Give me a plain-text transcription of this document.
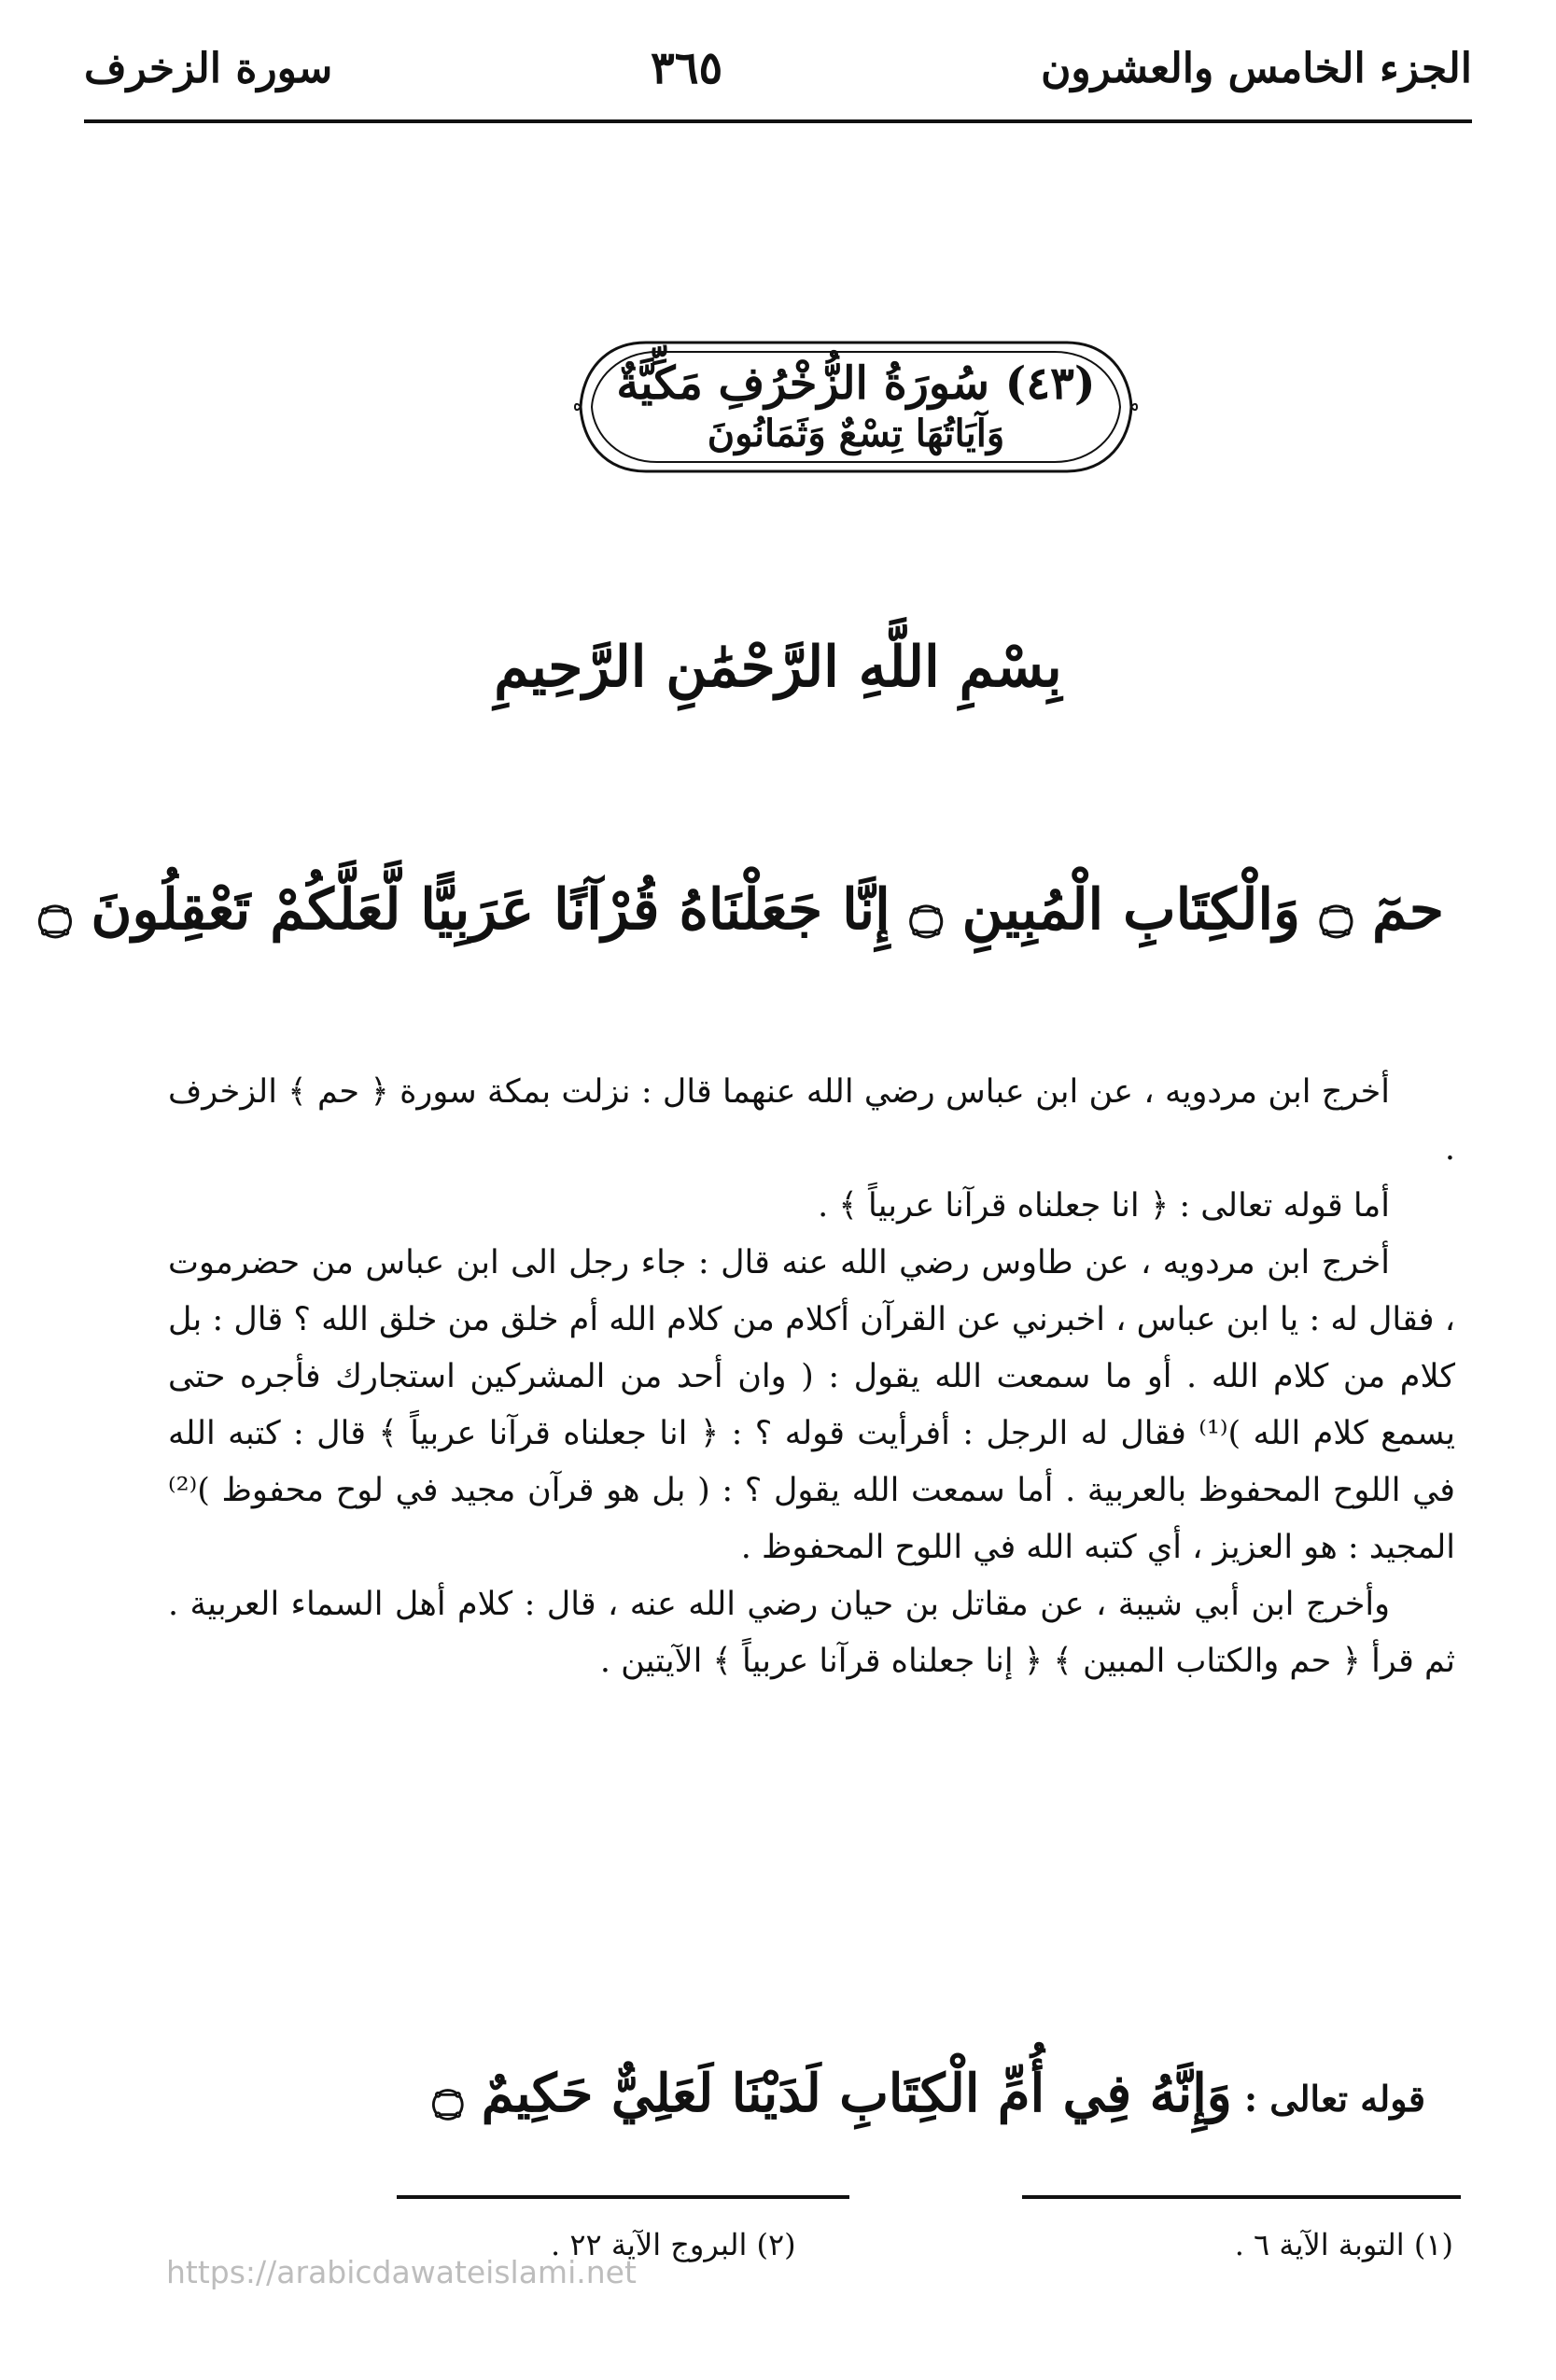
الجزء الخامس والعشرون
٣٦٥
سورة الزخرف
(٤٣) سُورَةُ الزُّخْرُفِ مَكِّيَّةٌ
وَآيَاتُهَا تِسْعٌ وَثَمَانُونَ
بِسْمِ اللَّهِ الرَّحْمَٰنِ الرَّحِيمِ
حمٓ ۝ وَالْكِتَابِ الْمُبِينِ ۝ إِنَّا جَعَلْنَاهُ قُرْآنًا عَرَبِيًّا لَّعَلَّكُمْ تَعْقِلُونَ ۝

أخرج ابن مردويه ، عن ابن عباس رضي الله عنهما قال : نزلت بمكة سورة ﴿ حم ﴾ الزخرف .

أما قوله تعالى : ﴿ انا جعلناه قرآنا عربياً ﴾ .

أخرج ابن مردويه ، عن طاوس رضي الله عنه قال : جاء رجل الى ابن عباس من حضرموت ، فقال له : يا ابن عباس ، اخبرني عن القرآن أكلام من كلام الله أم خلق من خلق الله ؟ قال : بل كلام من كلام الله . أو ما سمعت الله يقول : ( وان أحد من المشركين استجارك فأجره حتى يسمع كلام الله )⁽¹⁾ فقال له الرجل : أفرأيت قوله ؟ : ﴿ انا جعلناه قرآنا عربياً ﴾ قال : كتبه الله في اللوح المحفوظ بالعربية . أما سمعت الله يقول ؟ : ( بل هو قرآن مجيد في لوح محفوظ )⁽²⁾ المجيد : هو العزيز ، أي كتبه الله في اللوح المحفوظ .

وأخرج ابن أبي شيبة ، عن مقاتل بن حيان رضي الله عنه ، قال : كلام أهل السماء العربية . ثم قرأ ﴿ حم والكتاب المبين ﴾ ﴿ إنا جعلناه قرآنا عربياً ﴾ الآيتين .

قوله تعالى : وَإِنَّهُ فِي أُمِّ الْكِتَابِ لَدَيْنَا لَعَلِيٌّ حَكِيمٌ ۝
(١) التوبة الآية ٦ .
(٢) البروج الآية ٢٢ .
https://arabicdawateislami.net
